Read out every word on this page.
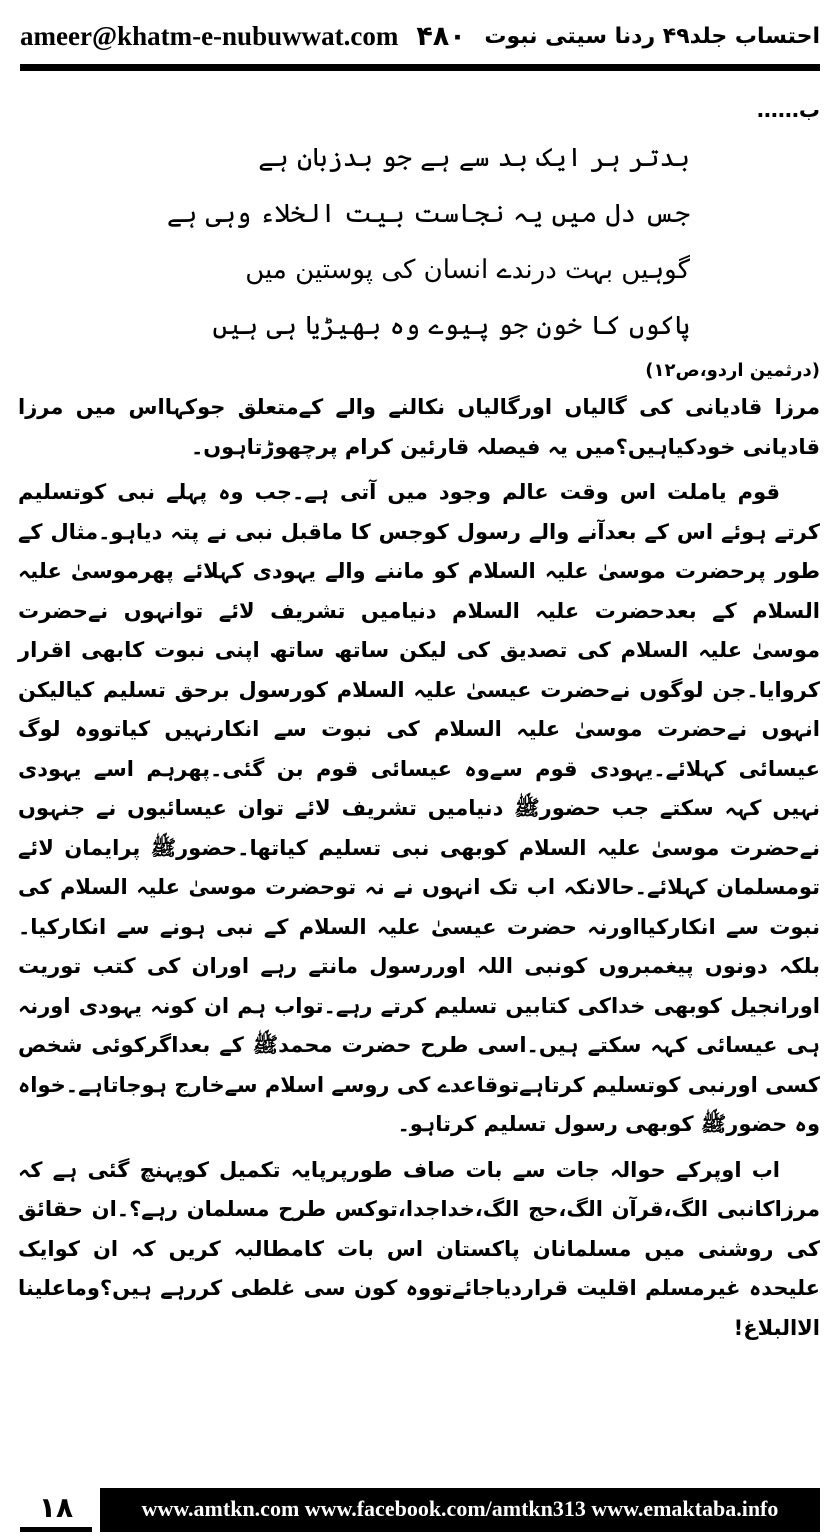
ameer@khatm-e-nubuwwat.com ۴۸۰ احتساب جلد۴۹ ردنا سیتی نبوت
ب……
بدتر ہر ایک بد سے ہے جو بدزبان ہے
جس دل میں یہ نجاست بیت الخلاء وہی ہے
گوہیں بہت درندے انسان کی پوستین میں
پاکوں کا خون جو پیوے وہ بھیڑیا ہی ہیں
(درثمین اردو،ص۱۲)

مرزا قادیانی کی گالیاں اورگالیاں نکالنے والے کےمتعلق جوکہااس میں مرزا قادیانی خودکیاہیں؟میں یہ فیصلہ قارئین کرام پرچھوڑتاہوں۔

قوم یاملت اس وقت عالم وجود میں آتی ہے۔جب وہ پہلے نبی کوتسلیم کرتے ہوئے اس کے بعدآنے والے رسول کوجس کا ماقبل نبی نے پتہ دیاہو۔مثال کے طور پرحضرت موسیٰ علیہ السلام کو ماننے والے یہودی کہلائے پھرموسیٰ علیہ السلام کے بعدحضرت علیہ السلام دنیامیں تشریف لائے توانہوں نےحضرت موسیٰ علیہ السلام کی تصدیق کی لیکن ساتھ ساتھ اپنی نبوت کابھی اقرار کروایا۔جن لوگوں نےحضرت عیسیٰ علیہ السلام کورسول برحق تسلیم کیالیکن انہوں نےحضرت موسیٰ علیہ السلام کی نبوت سے انکارنہیں کیاتووہ لوگ عیسائی کہلائے۔یہودی قوم سےوہ عیسائی قوم بن گئی۔پھرہم اسے یہودی نہیں کہہ سکتے جب حضورﷺ دنیامیں تشریف لائے توان عیسائیوں نے جنہوں نےحضرت موسیٰ علیہ السلام کوبھی نبی تسلیم کیاتھا۔حضورﷺ پرایمان لائے تومسلمان کہلائے۔حالانکہ اب تک انہوں نے نہ توحضرت موسیٰ علیہ السلام کی نبوت سے انکارکیااورنہ حضرت عیسیٰ علیہ السلام کے نبی ہونے سے انکارکیا۔بلکہ دونوں پیغمبروں کونبی اللہ اوررسول مانتے رہے اوران کی کتب توریت اورانجیل کوبھی خداکی کتابیں تسلیم کرتے رہے۔تواب ہم ان کونہ یہودی اورنہ ہی عیسائی کہہ سکتے ہیں۔اسی طرح حضرت محمدﷺ کے بعداگرکوئی شخص کسی اورنبی کوتسلیم کرتاہےتوقاعدے کی روسے اسلام سےخارج ہوجاتاہے۔خواہ وہ حضورﷺ کوبھی رسول تسلیم کرتاہو۔

اب اوپرکے حوالہ جات سے بات صاف طورپرپایہ تکمیل کوپہنچ گئی ہے کہ مرزاکانبی الگ،قرآن الگ،حج الگ،خداجدا،توکس طرح مسلمان رہے؟۔ان حقائق کی روشنی میں مسلمانان پاکستان اس بات کامطالبہ کریں کہ ان کوایک علیحدہ غیرمسلم اقلیت قراردیاجائےتووہ کون سی غلطی کررہے ہیں؟وماعلینا الاالبلاغ!

۱۸	www.amtkn.com www.facebook.com/amtkn313 www.emaktaba.info
